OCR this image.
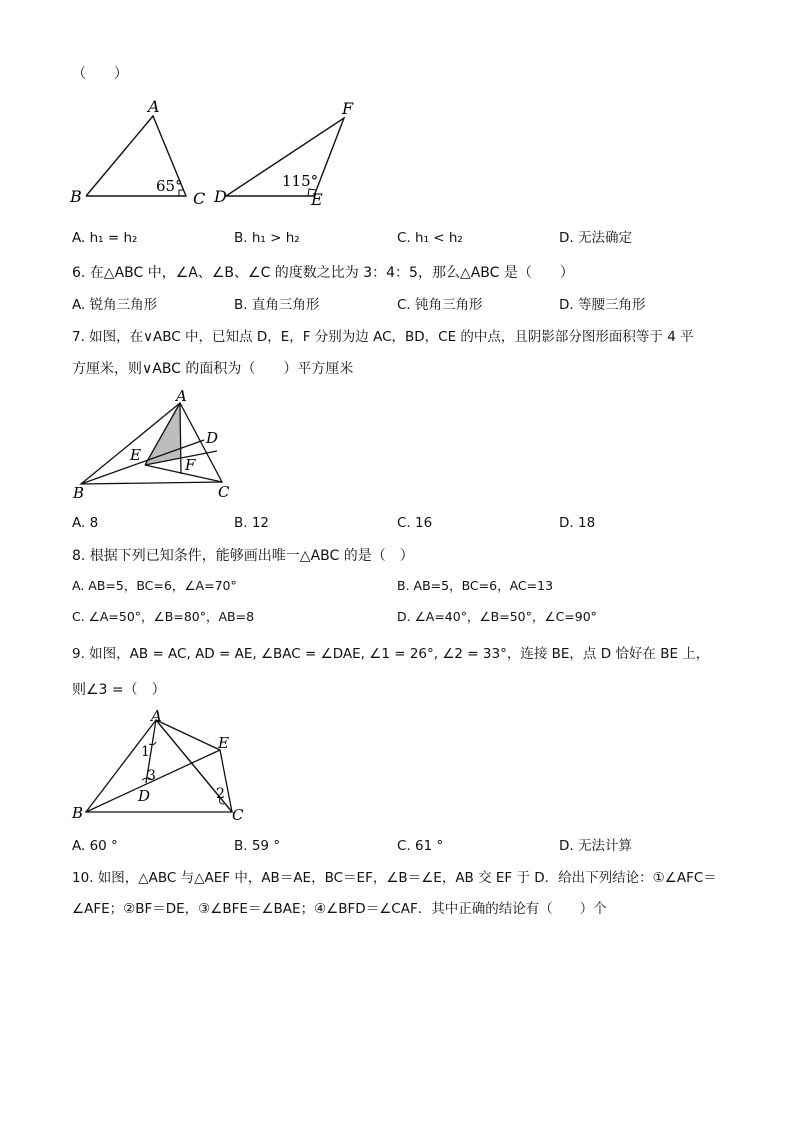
（　　）
A
B	C
65°
F
D	E
115°
A. h₁ = h₂	B. h₁ > h₂	C. h₁ < h₂	D. 无法确定
6. 在△ABC 中，∠A、∠B、∠C 的度数之比为 3：4：5，那么△ABC 是（　　）
A. 锐角三角形	B. 直角三角形	C. 钝角三角形	D. 等腰三角形
7. 如图，在∨ABC 中，已知点 D，E，F 分别为边 AC，BD，CE 的中点，且阴影部分图形面积等于 4 平
方厘米，则∨ABC 的面积为（　　）平方厘米
A
B	C
D
E
F
A. 8	B. 12	C. 16	D. 18
8. 根据下列已知条件，能够画出唯一△ABC 的是（　）
A. AB=5，BC=6，∠A=70°	B. AB=5，BC=6，AC=13
C. ∠A=50°，∠B=80°，AB=8	D. ∠A=40°，∠B=50°，∠C=90°
9. 如图，AB = AC, AD = AE, ∠BAC = ∠DAE, ∠1 = 26°, ∠2 = 33°，连接 BE，点 D 恰好在 BE 上，
则∠3 =（　）
A
B	C
D
E
1
3
2
A. 60 °	B. 59 °	C. 61 °	D. 无法计算
10. 如图，△ABC 与△AEF 中，AB＝AE，BC＝EF，∠B＝∠E，AB 交 EF 于 D．给出下列结论：①∠AFC＝
∠AFE；②BF＝DE，③∠BFE＝∠BAE；④∠BFD＝∠CAF．其中正确的结论有（　　）个
